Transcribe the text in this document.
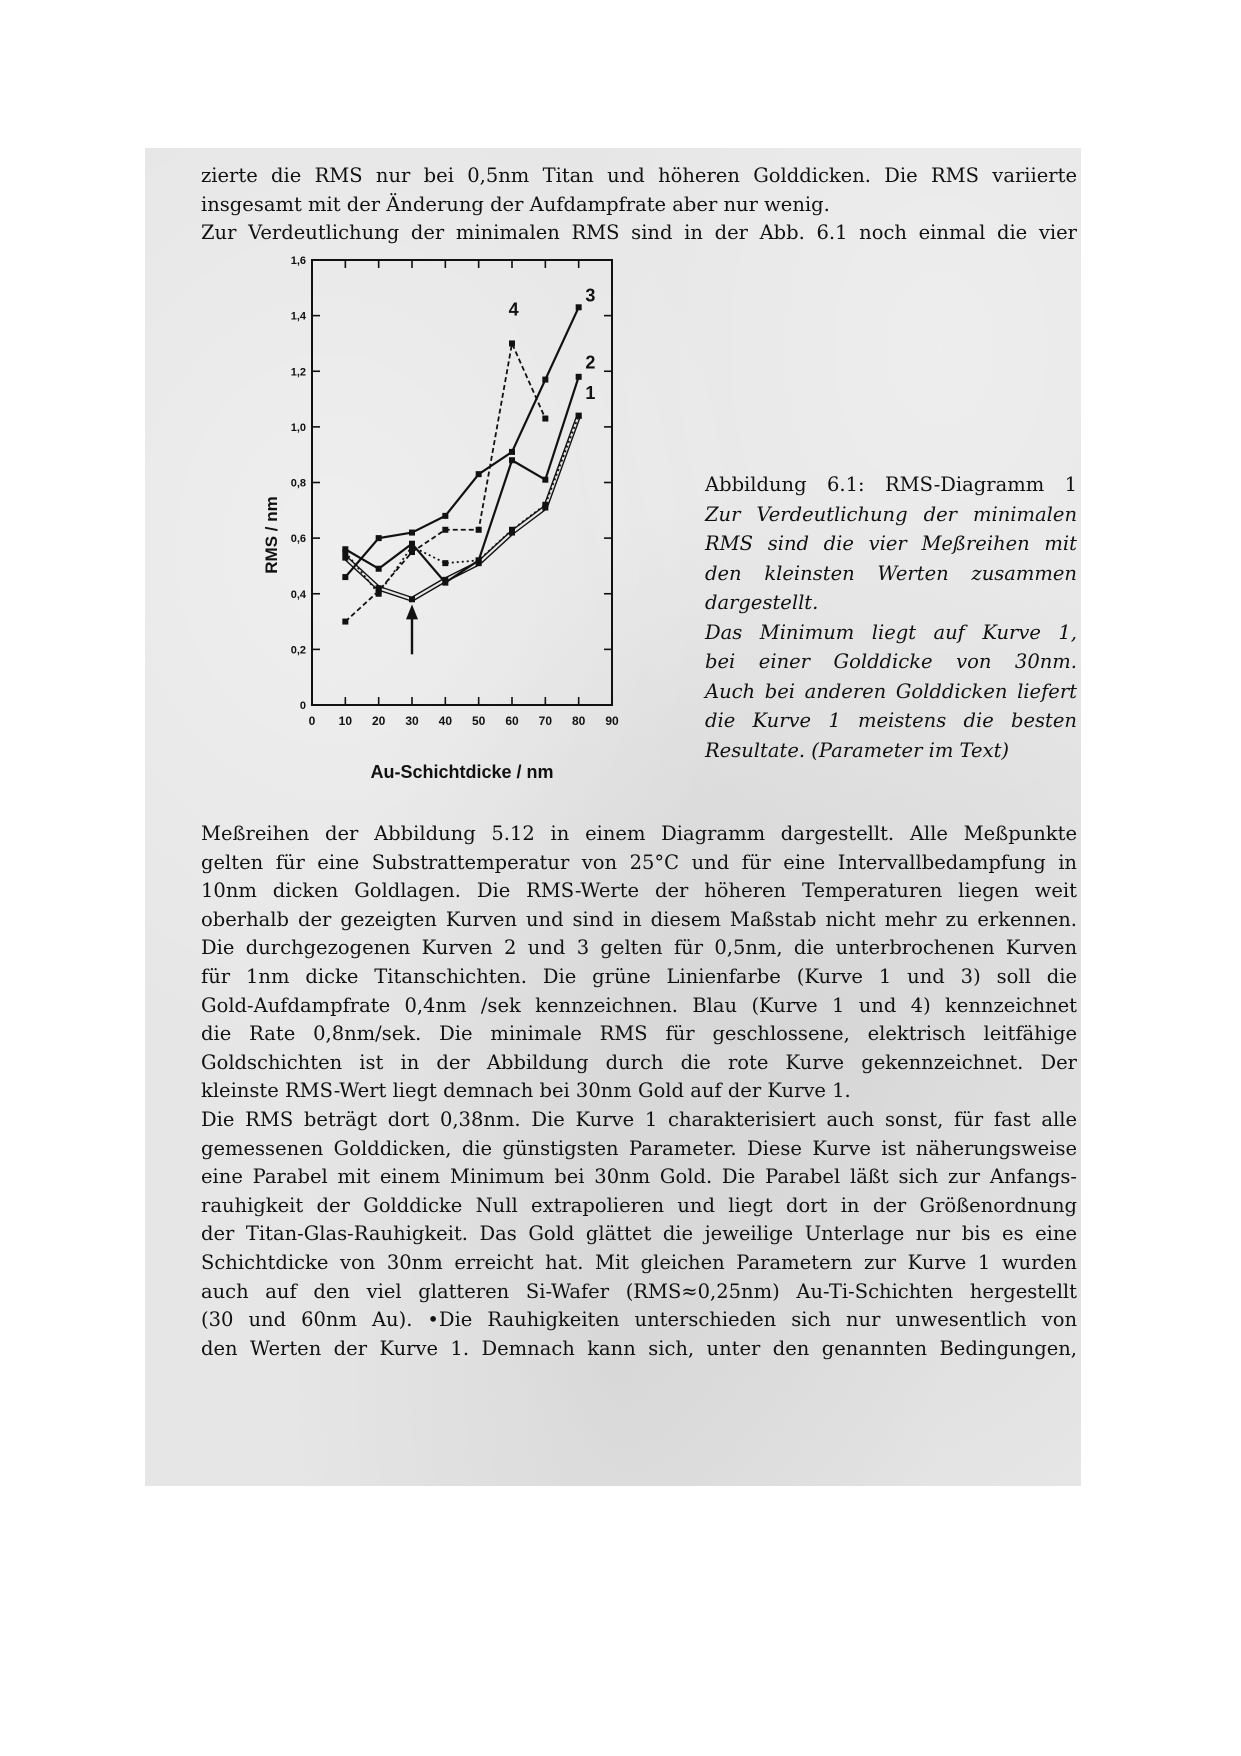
zierte die RMS nur bei 0,5nm Titan und höheren Golddicken. Die RMS variierte
insgesamt mit der Änderung der Aufdampfrate aber nur wenig.
Zur Verdeutlichung der minimalen RMS sind in der Abb. 6.1 noch einmal die vier

0 10 20 30 40 50 60 70 80 90
0
0,2
0,4
0,6
0,8
1,0
1,2
1,4
1,6
1
2
3
4
Au-Schichtdicke / nm
RMS / nm
Abbildung 6.1: RMS-Diagramm 1
Zur Verdeutlichung der minimalen
RMS sind die vier Meßreihen mit
den kleinsten Werten zusammen
dargestellt.
Das Minimum liegt auf Kurve 1,
bei einer Golddicke von 30nm.
Auch bei anderen Golddicken liefert
die Kurve 1 meistens die besten
Resultate. (Parameter im Text)

Meßreihen der Abbildung 5.12 in einem Diagramm dargestellt. Alle Meßpunkte
gelten für eine Substrattemperatur von 25°C und für eine Intervallbedampfung in
10nm dicken Goldlagen. Die RMS-Werte der höheren Temperaturen liegen weit
oberhalb der gezeigten Kurven und sind in diesem Maßstab nicht mehr zu erkennen.
Die durchgezogenen Kurven 2 und 3 gelten für 0,5nm, die unterbrochenen Kurven
für 1nm dicke Titanschichten. Die grüne Linienfarbe (Kurve 1 und 3) soll die
Gold-Aufdampfrate 0,4nm /sek kennzeichnen. Blau (Kurve 1 und 4) kennzeichnet
die Rate 0,8nm/sek. Die minimale RMS für geschlossene, elektrisch leitfähige
Goldschichten ist in der Abbildung durch die rote Kurve gekennzeichnet. Der
kleinste RMS-Wert liegt demnach bei 30nm Gold auf der Kurve 1.
Die RMS beträgt dort 0,38nm. Die Kurve 1 charakterisiert auch sonst, für fast alle
gemessenen Golddicken, die günstigsten Parameter. Diese Kurve ist näherungsweise
eine Parabel mit einem Minimum bei 30nm Gold. Die Parabel läßt sich zur Anfangs-
rauhigkeit der Golddicke Null extrapolieren und liegt dort in der Größenordnung
der Titan-Glas-Rauhigkeit. Das Gold glättet die jeweilige Unterlage nur bis es eine
Schichtdicke von 30nm erreicht hat. Mit gleichen Parametern zur Kurve 1 wurden
auch auf den viel glatteren Si-Wafer (RMS≈0,25nm) Au-Ti-Schichten hergestellt
(30 und 60nm Au). •Die Rauhigkeiten unterschieden sich nur unwesentlich von
den Werten der Kurve 1. Demnach kann sich, unter den genannten Bedingungen,
